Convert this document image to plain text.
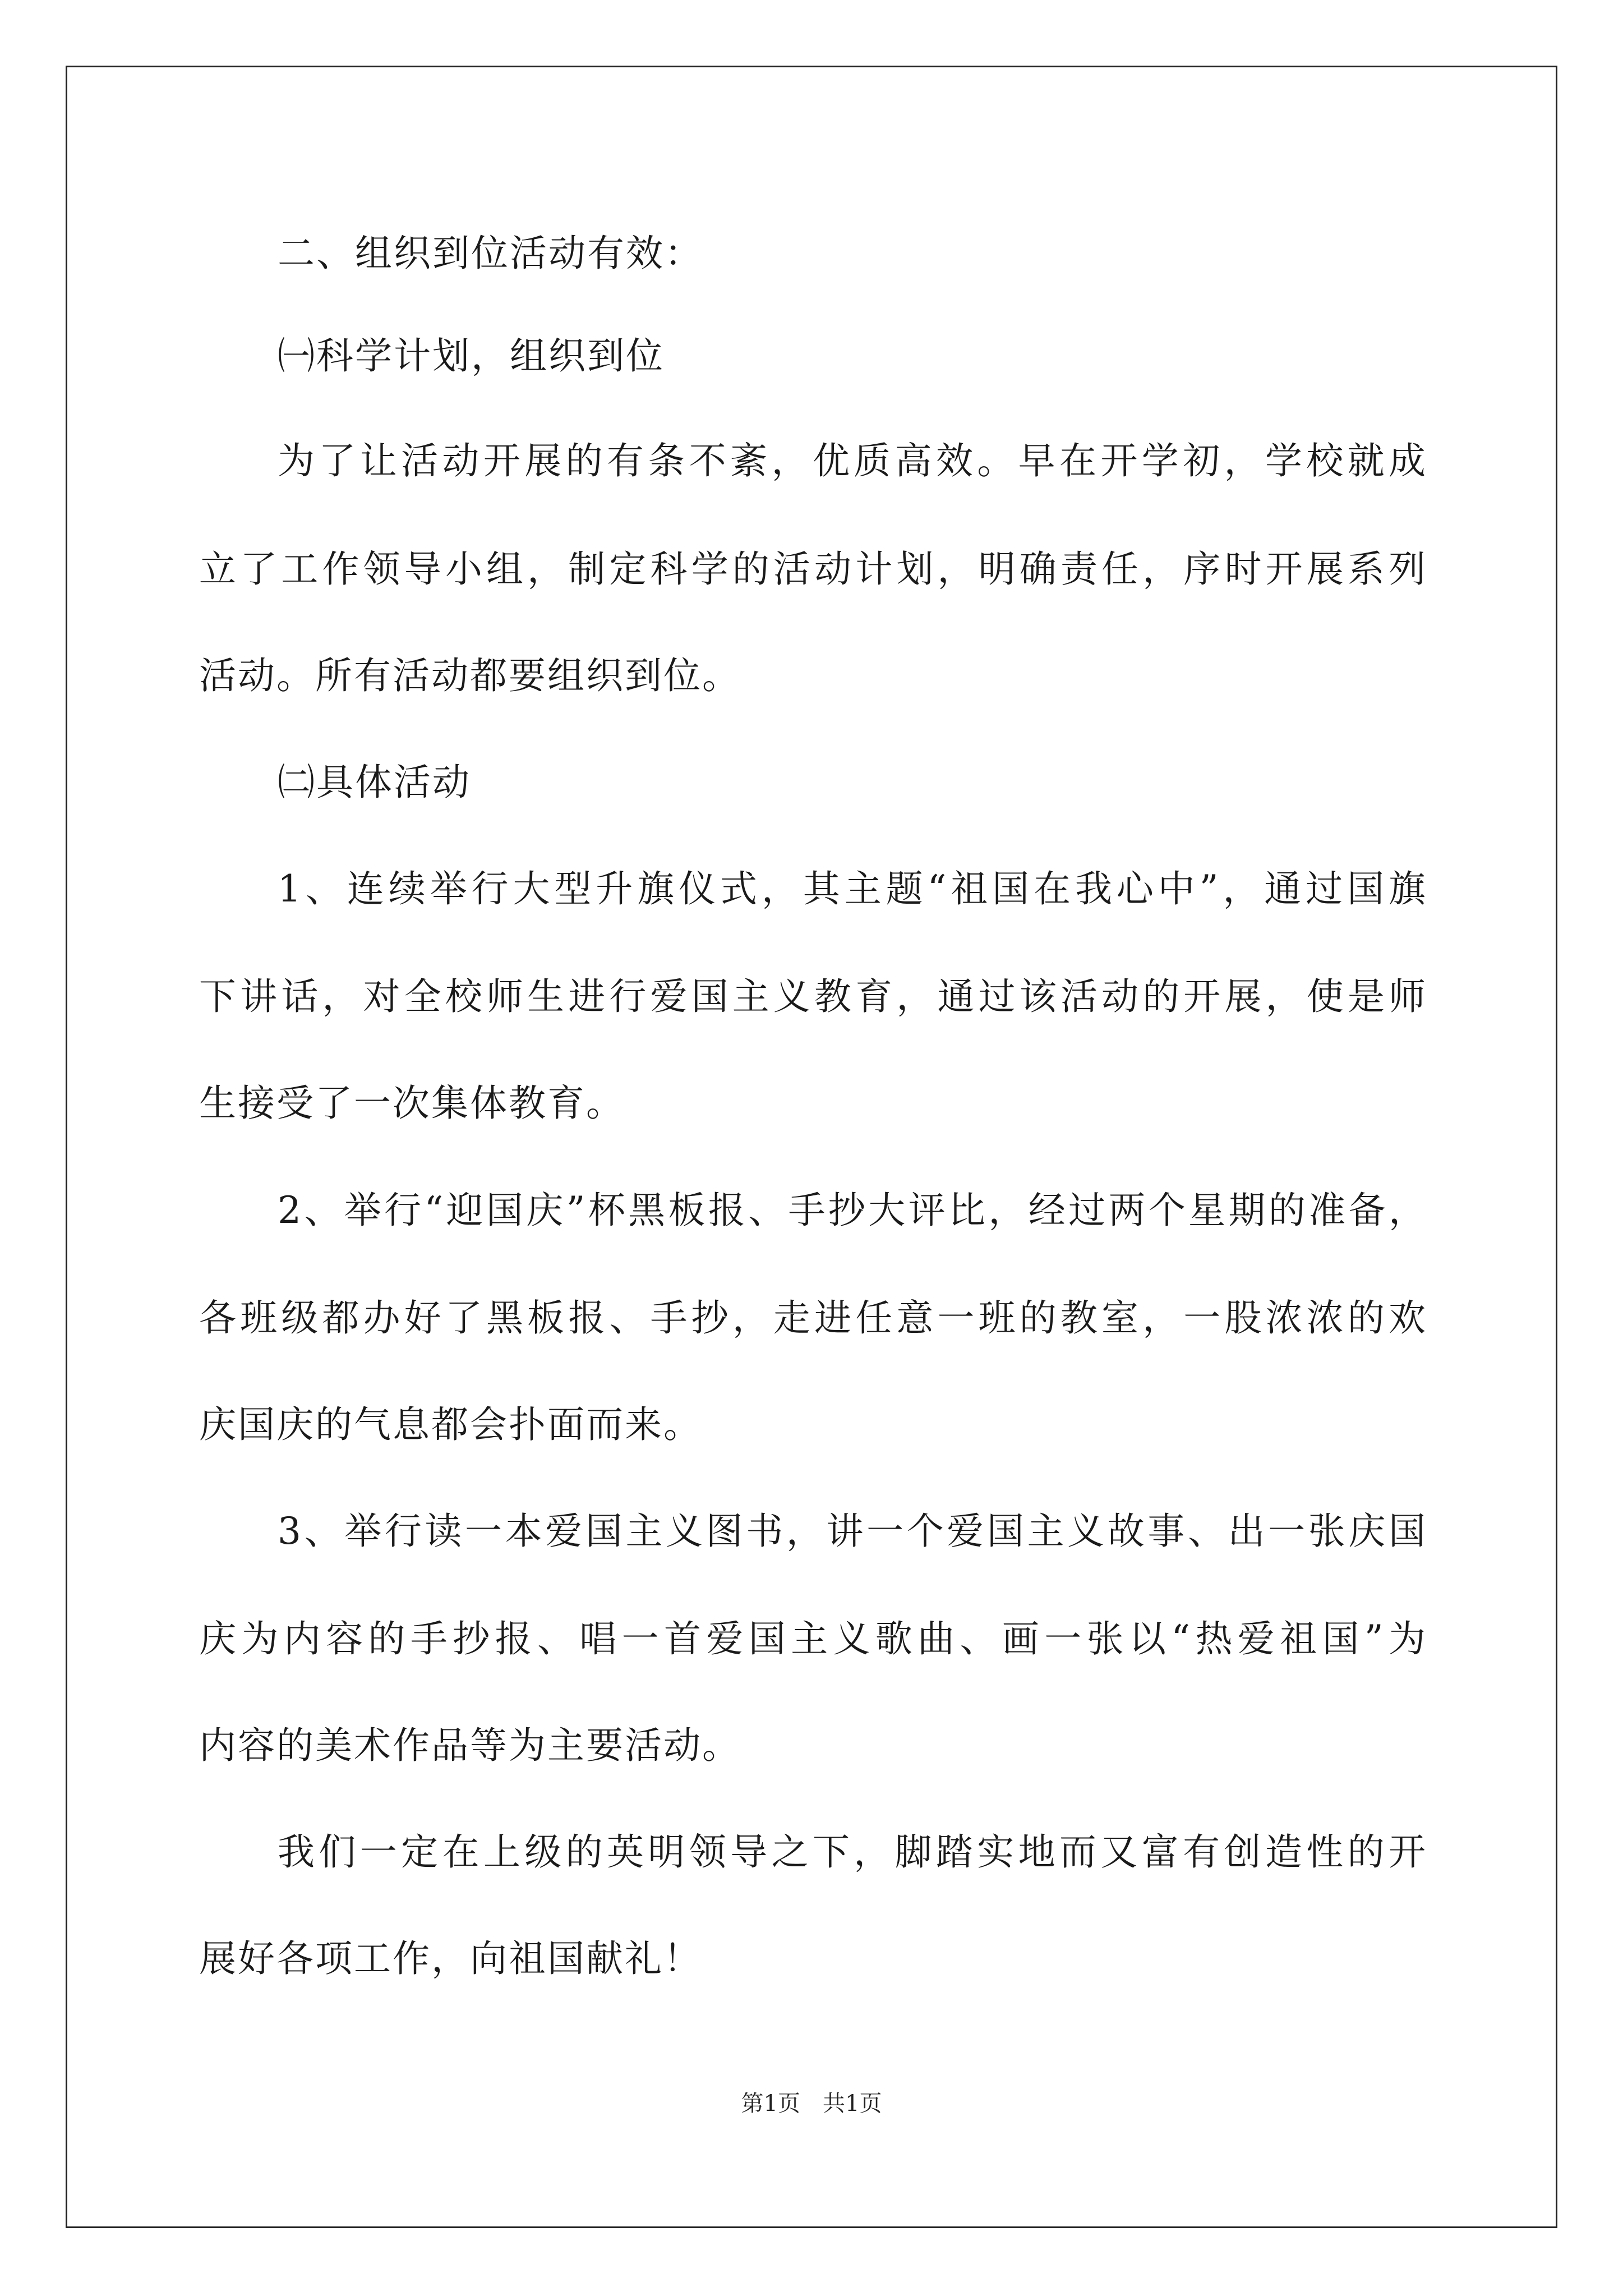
二、组织到位活动有效：
㈠科学计划，组织到位
为了让活动开展的有条不紊，优质高效。早在开学初，学校就成
立了工作领导小组，制定科学的活动计划，明确责任，序时开展系列
活动。所有活动都要组织到位。
㈡具体活动
1、连续举行大型升旗仪式，其主题“祖国在我心中”，通过国旗
下讲话，对全校师生进行爱国主义教育，通过该活动的开展，使是师
生接受了一次集体教育。
2、举行“迎国庆”杯黑板报、手抄大评比，经过两个星期的准备，
各班级都办好了黑板报、手抄，走进任意一班的教室，一股浓浓的欢
庆国庆的气息都会扑面而来。
3、举行读一本爱国主义图书，讲一个爱国主义故事、出一张庆国
庆为内容的手抄报、唱一首爱国主义歌曲、画一张以“热爱祖国”为
内容的美术作品等为主要活动。
我们一定在上级的英明领导之下，脚踏实地而又富有创造性的开
展好各项工作，向祖国献礼！
第1页　共1页
